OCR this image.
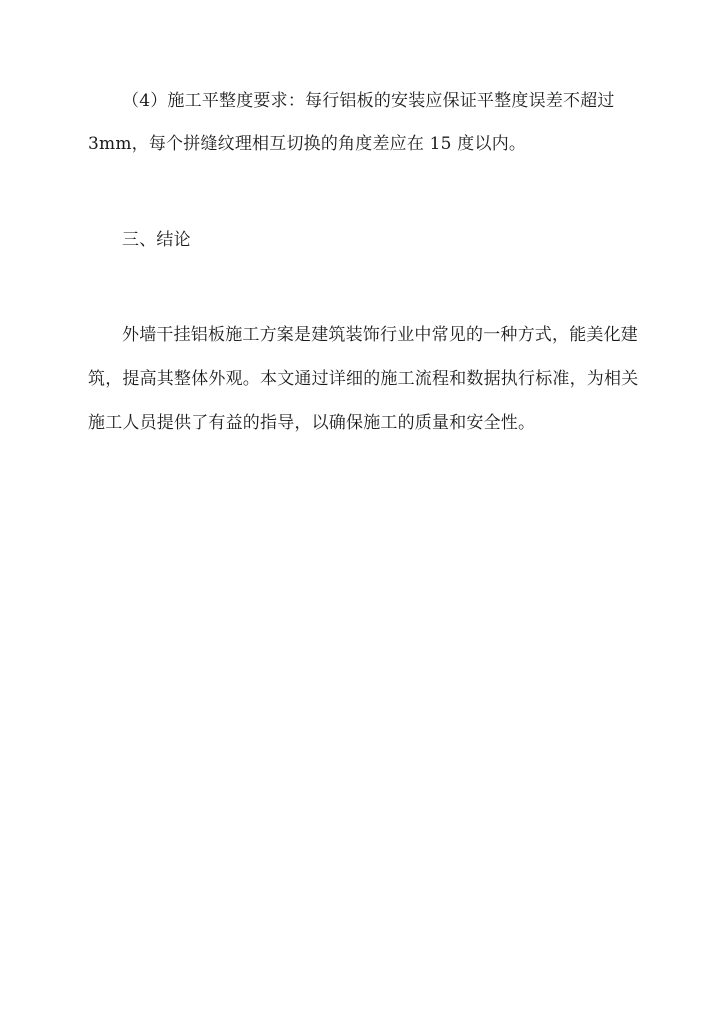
（4）施工平整度要求：每行铝板的安装应保证平整度误差不超过
3mm，每个拼缝纹理相互切换的角度差应在 15 度以内。
三、结论
外墙干挂铝板施工方案是建筑装饰行业中常见的一种方式，能美化建
筑，提高其整体外观。本文通过详细的施工流程和数据执行标准，为相关
施工人员提供了有益的指导，以确保施工的质量和安全性。
